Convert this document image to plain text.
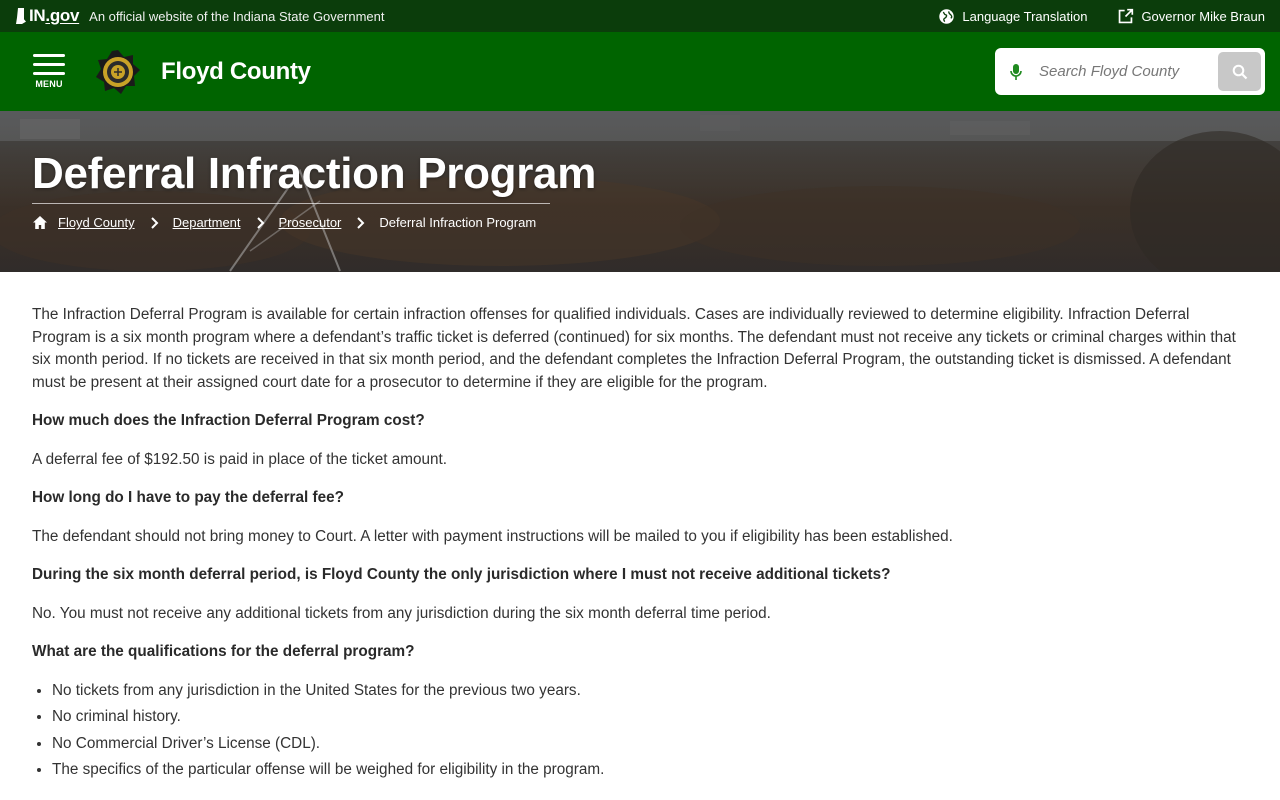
IN .gov An official website of the Indiana State Government	Language Translation	Governor Mike Braun
MENU	Floyd County
Search Floyd County
Deferral Infraction Program
Floyd County	Department	Prosecutor	Deferral Infraction Program

The Infraction Deferral Program is available for certain infraction offenses for qualified individuals. Cases are individually reviewed to determine eligibility. Infraction Deferral Program is a six month program where a defendant’s traffic ticket is deferred (continued) for six months. The defendant must not receive any tickets or criminal charges within that six month period. If no tickets are received in that six month period, and the defendant completes the Infraction Deferral Program, the outstanding ticket is dismissed. A defendant must be present at their assigned court date for a prosecutor to determine if they are eligible for the program.

How much does the Infraction Deferral Program cost?

A deferral fee of $192.50 is paid in place of the ticket amount.

How long do I have to pay the deferral fee?

The defendant should not bring money to Court. A letter with payment instructions will be mailed to you if eligibility has been established.

During the six month deferral period, is Floyd County the only jurisdiction where I must not receive additional tickets?

No. You must not receive any additional tickets from any jurisdiction during the six month deferral time period.

What are the qualifications for the deferral program?

• No tickets from any jurisdiction in the United States for the previous two years.
• No criminal history.
• No Commercial Driver’s License (CDL).
• The specifics of the particular offense will be weighed for eligibility in the program.
